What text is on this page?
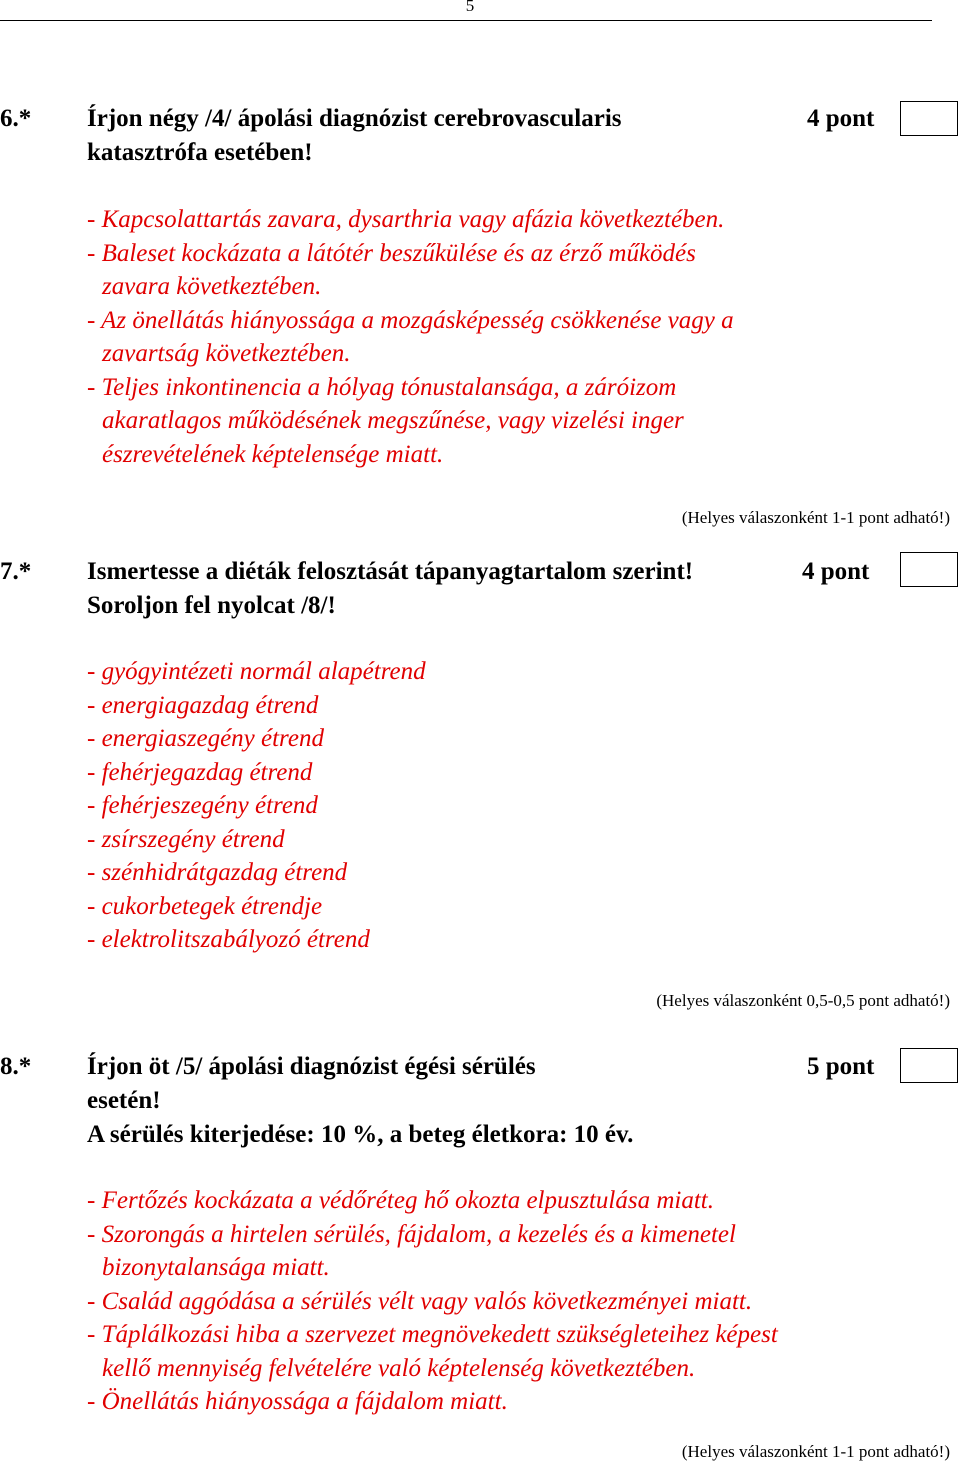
5
6.* Írjon négy /4/ ápolási diagnózist cerebrovascularis
katasztrófa esetében!
4 pont
- Kapcsolattartás zavara, dysarthria vagy afázia következtében.
- Baleset kockázata a látótér beszűkülése és az érző működés
zavara következtében.
- Az önellátás hiányossága a mozgásképesség csökkenése vagy a
zavartság következtében.
- Teljes inkontinencia a hólyag tónustalansága, a záróizom
akaratlagos működésének megszűnése, vagy vizelési inger
észrevételének képtelensége miatt.
(Helyes válaszonként 1-1 pont adható!)
7.* Ismertesse a diéták felosztását tápanyagtartalom szerint!
Soroljon fel nyolcat /8/!
4 pont
- gyógyintézeti normál alapétrend
- energiagazdag étrend
- energiaszegény étrend
- fehérjegazdag étrend
- fehérjeszegény étrend
- zsírszegény étrend
- szénhidrátgazdag étrend
- cukorbetegek étrendje
- elektrolitszabályozó étrend
(Helyes válaszonként 0,5-0,5 pont adható!)
8.* Írjon öt /5/ ápolási diagnózist égési sérülés
esetén!
A sérülés kiterjedése: 10 %, a beteg életkora: 10 év.
5 pont
- Fertőzés kockázata a védőréteg hő okozta elpusztulása miatt.
- Szorongás a hirtelen sérülés, fájdalom, a kezelés és a kimenetel
bizonytalansága miatt.
- Család aggódása a sérülés vélt vagy valós következményei miatt.
- Táplálkozási hiba a szervezet megnövekedett szükségleteihez képest
kellő mennyiség felvételére való képtelenség következtében.
- Önellátás hiányossága a fájdalom miatt.
(Helyes válaszonként 1-1 pont adható!)
